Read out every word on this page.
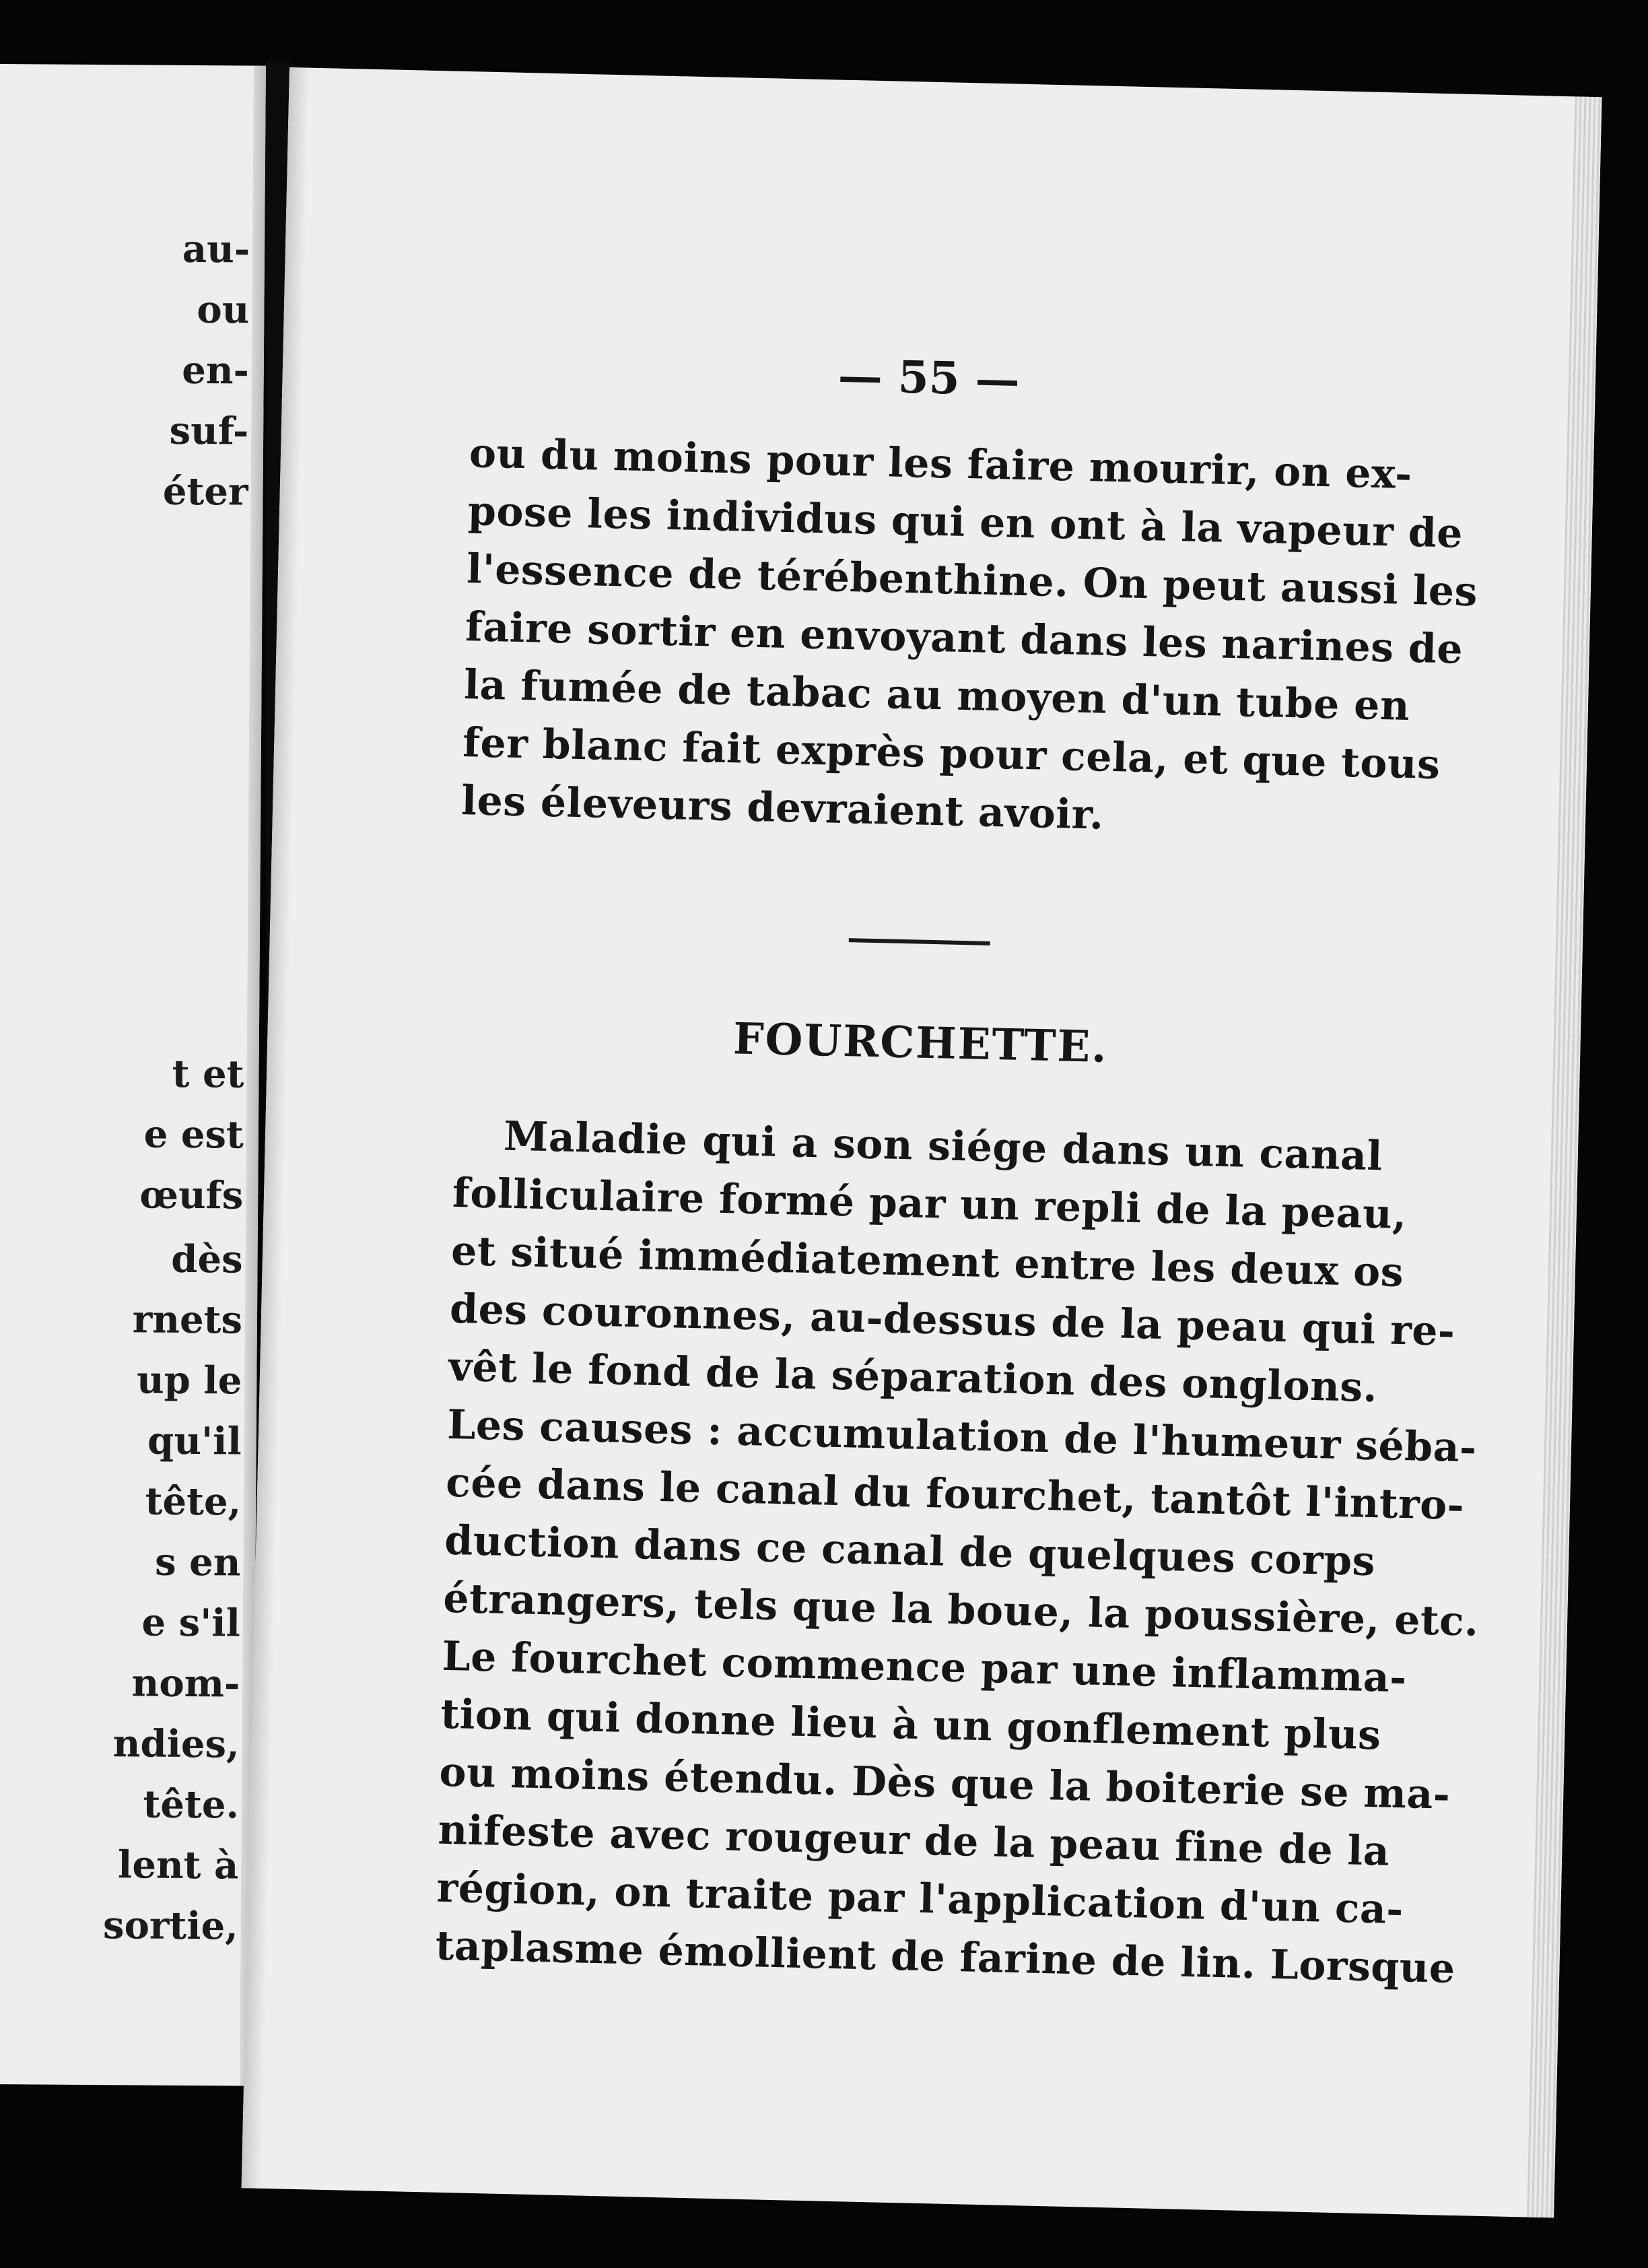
au-
ou
en-
suf-
éter
t et
e est
œufs
dès
rnets
up le
qu'il
tête,
s en
e s'il
nom-
ndies,
tête.
lent à
sortie,
— 55 —
ou du moins pour les faire mourir, on ex-
pose les individus qui en ont à la vapeur de
l'essence de térébenthine. On peut aussi les
faire sortir en envoyant dans les narines de
la fumée de tabac au moyen d'un tube en
fer blanc fait exprès pour cela, et que tous
les éleveurs devraient avoir.
FOURCHETTE.
Maladie qui a son siége dans un canal
folliculaire formé par un repli de la peau,
et situé immédiatement entre les deux os
des couronnes, au-dessus de la peau qui re-
vêt le fond de la séparation des onglons.
Les causes : accumulation de l'humeur séba-
cée dans le canal du fourchet, tantôt l'intro-
duction dans ce canal de quelques corps
étrangers, tels que la boue, la poussière, etc.
Le fourchet commence par une inflamma-
tion qui donne lieu à un gonflement plus
ou moins étendu. Dès que la boiterie se ma-
nifeste avec rougeur de la peau fine de la
région, on traite par l'application d'un ca-
taplasme émollient de farine de lin. Lorsque
